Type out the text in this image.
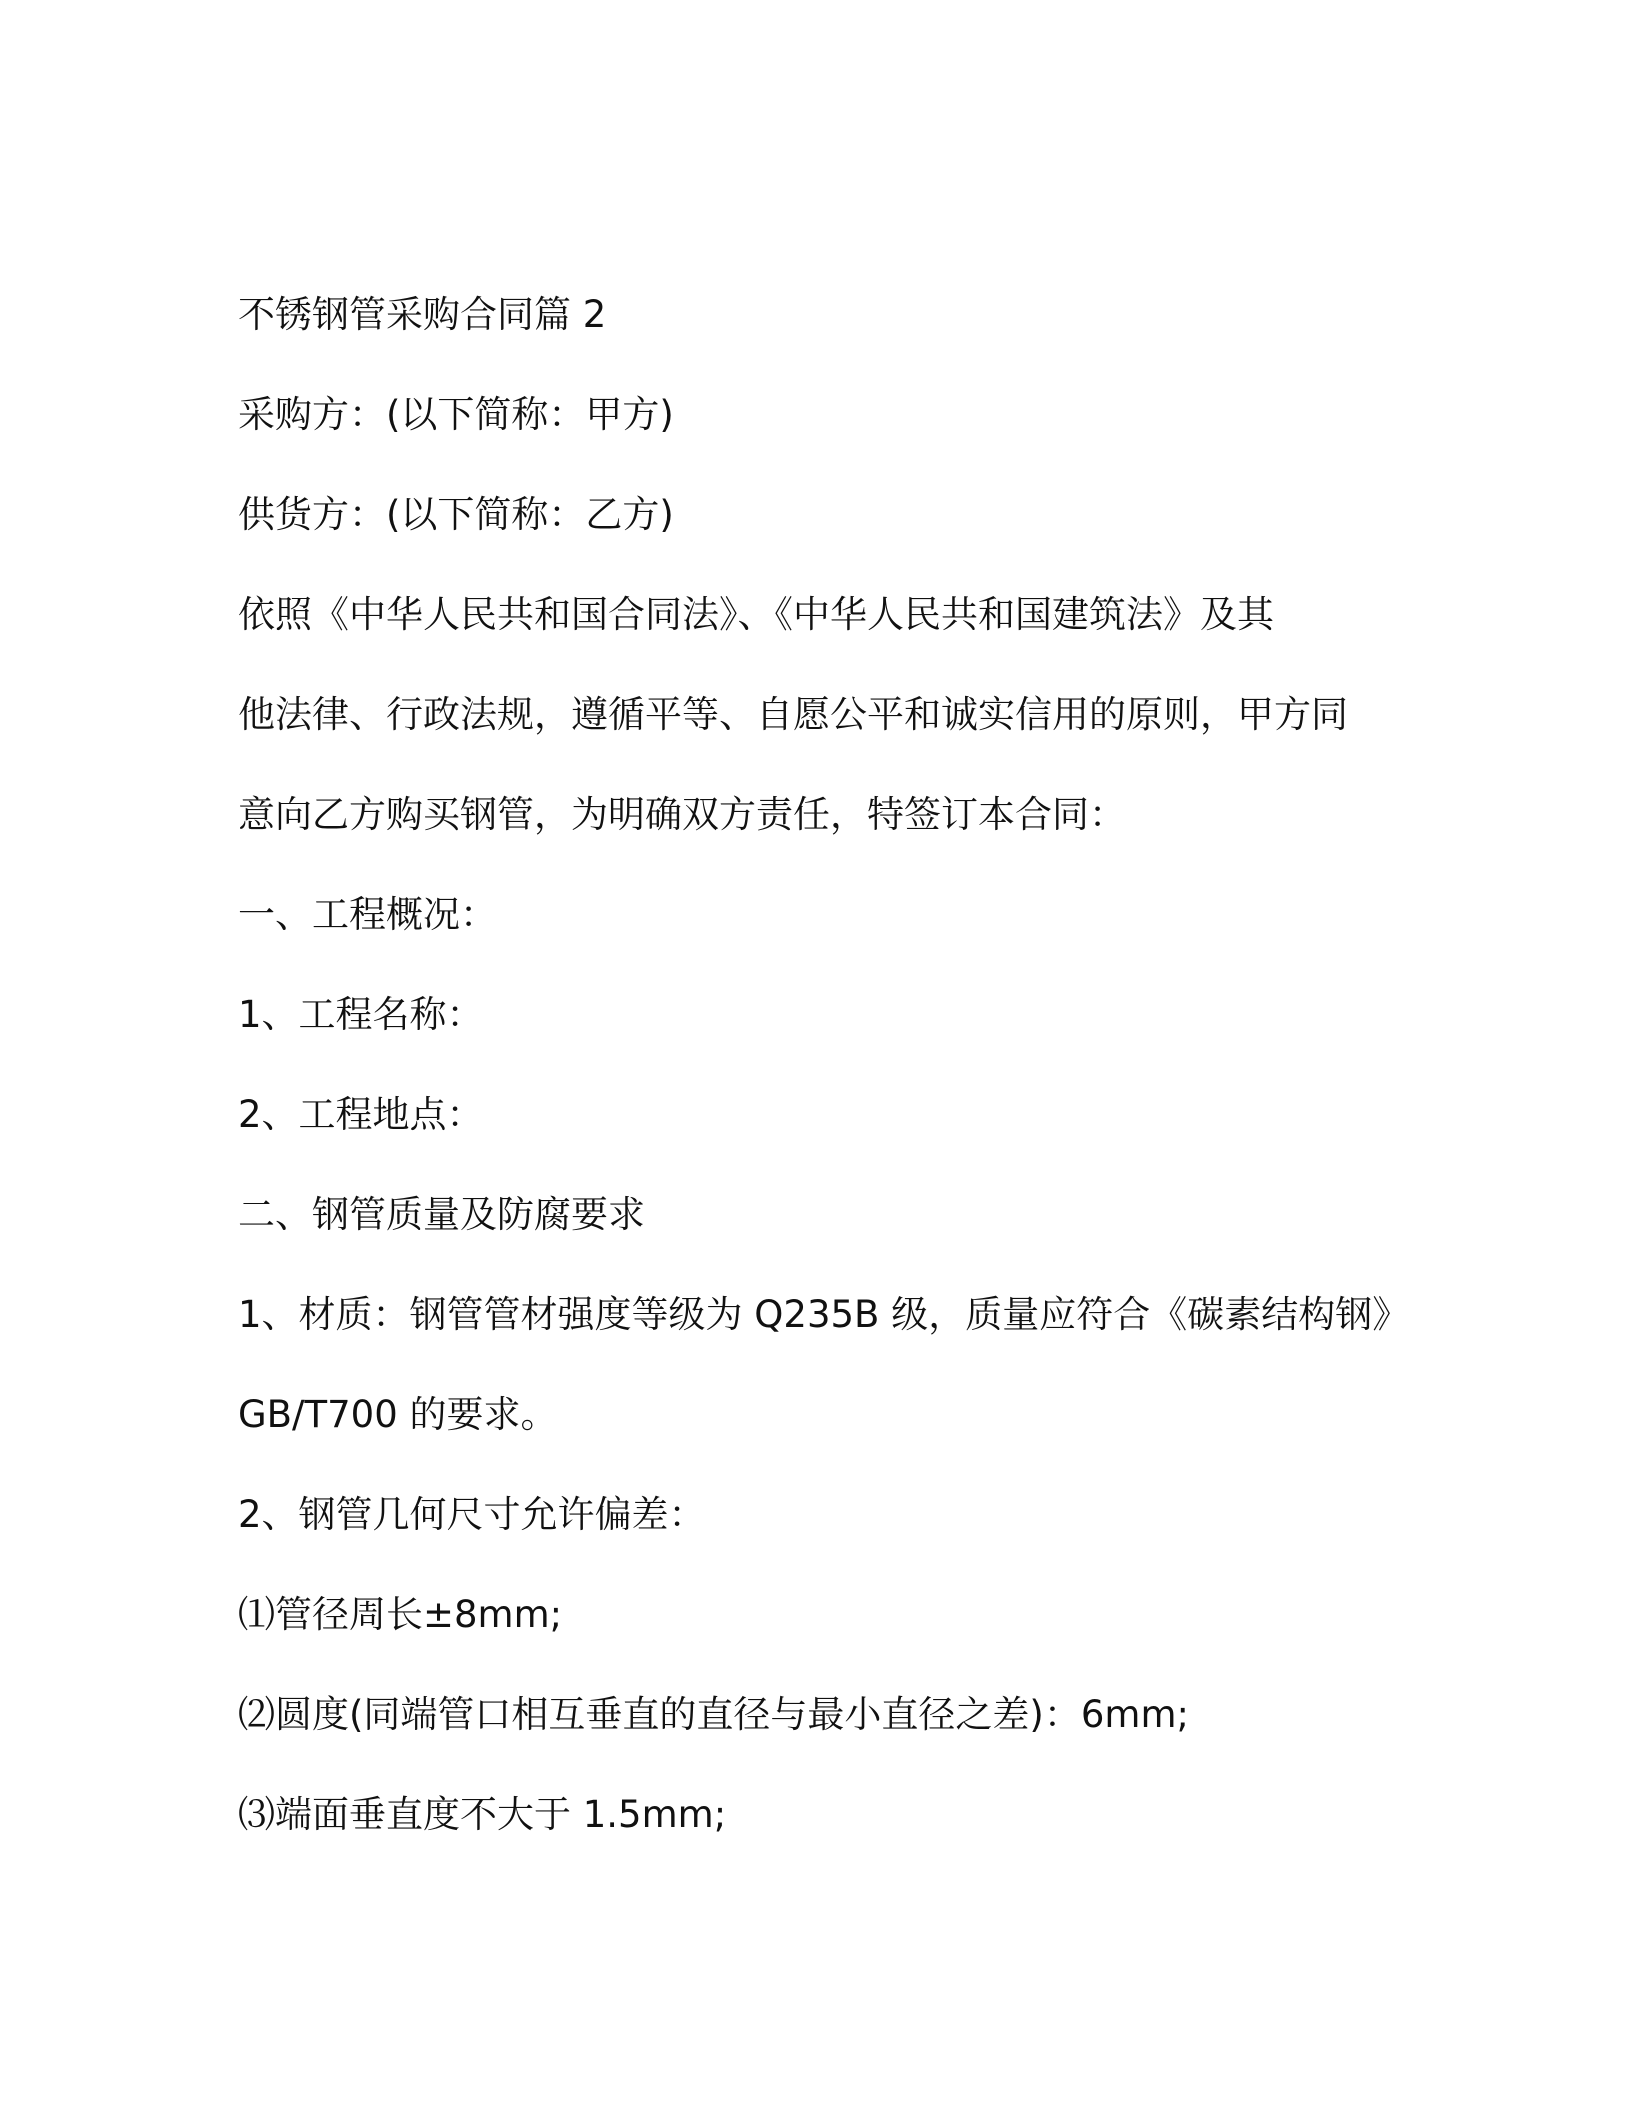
不锈钢管采购合同篇 2

采购方：(以下简称：甲方)

供货方：(以下简称：乙方)

依照《中华人民共和国合同法》、《中华人民共和国建筑法》及其

他法律、行政法规，遵循平等、自愿公平和诚实信用的原则，甲方同

意向乙方购买钢管，为明确双方责任，特签订本合同：

一、工程概况：

1、工程名称：

2、工程地点：

二、钢管质量及防腐要求

1、材质：钢管管材强度等级为 Q235B 级，质量应符合《碳素结构钢》

GB/T700 的要求。

2、钢管几何尺寸允许偏差：

⑴管径周长±8mm;

⑵圆度(同端管口相互垂直的直径与最小直径之差)：6mm;

⑶端面垂直度不大于 1.5mm;
